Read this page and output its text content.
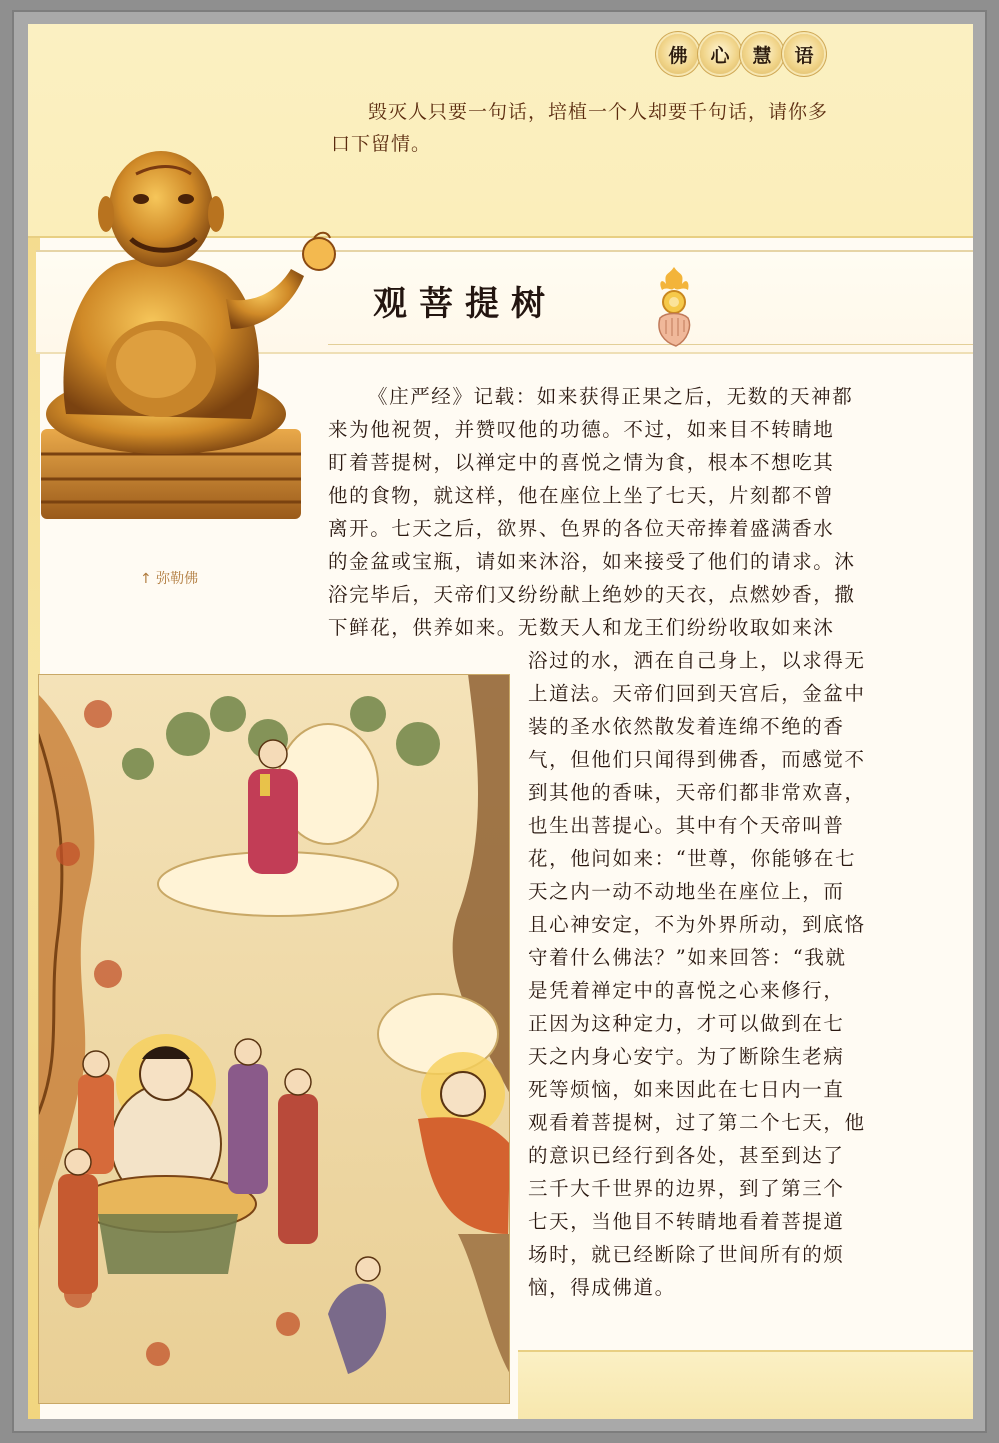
佛	心	慧	语
毁灭人只要一句话，培植一个人却要千句话，请你多
口下留情。
观菩提树
↑ 弥勒佛
《庄严经》记载：如来获得正果之后，无数的天神都
来为他祝贺，并赞叹他的功德。不过，如来目不转睛地
盯着菩提树，以禅定中的喜悦之情为食，根本不想吃其
他的食物，就这样，他在座位上坐了七天，片刻都不曾
离开。七天之后，欲界、色界的各位天帝捧着盛满香水
的金盆或宝瓶，请如来沐浴，如来接受了他们的请求。沐
浴完毕后，天帝们又纷纷献上绝妙的天衣，点燃妙香，撒
下鲜花，供养如来。无数天人和龙王们纷纷收取如来沐
浴过的水，洒在自己身上，以求得无
上道法。天帝们回到天宫后，金盆中
装的圣水依然散发着连绵不绝的香
气，但他们只闻得到佛香，而感觉不
到其他的香味，天帝们都非常欢喜，
也生出菩提心。其中有个天帝叫普
花，他问如来：“世尊，你能够在七
天之内一动不动地坐在座位上，而
且心神安定，不为外界所动，到底恪
守着什么佛法？”如来回答：“我就
是凭着禅定中的喜悦之心来修行，
正因为这种定力，才可以做到在七
天之内身心安宁。为了断除生老病
死等烦恼，如来因此在七日内一直
观看着菩提树，过了第二个七天，他
的意识已经行到各处，甚至到达了
三千大千世界的边界，到了第三个
七天，当他目不转睛地看着菩提道
场时，就已经断除了世间所有的烦
恼，得成佛道。
